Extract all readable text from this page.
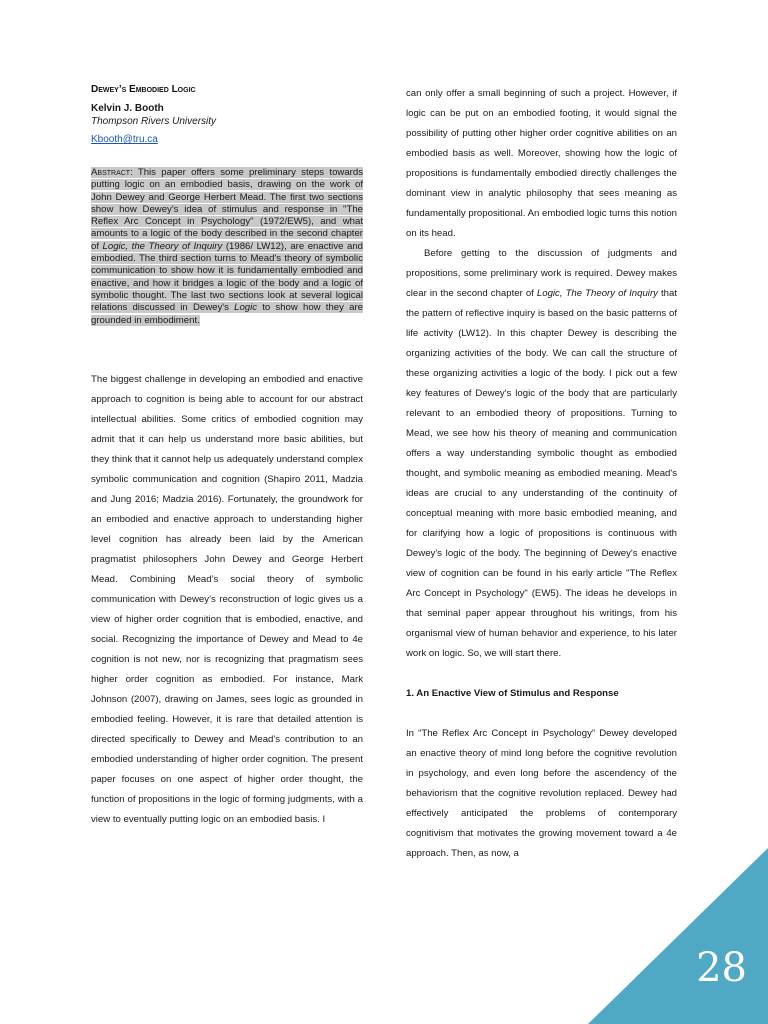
Dewey’s Embodied Logic
Kelvin J. Booth
Thompson Rivers University
Kbooth@tru.ca
Abstract: This paper offers some preliminary steps towards putting logic on an embodied basis, drawing on the work of John Dewey and George Herbert Mead. The first two sections show how Dewey's idea of stimulus and response in "The Reflex Arc Concept in Psychology" (1972/EW5), and what amounts to a logic of the body described in the second chapter of Logic, the Theory of Inquiry (1986/ LW12), are enactive and embodied. The third section turns to Mead's theory of symbolic communication to show how it is fundamentally embodied and enactive, and how it bridges a logic of the body and a logic of symbolic thought. The last two sections look at several logical relations discussed in Dewey's Logic to show how they are grounded in embodiment.

The biggest challenge in developing an embodied and enactive approach to cognition is being able to account for our abstract intellectual abilities. Some critics of embodied cognition may admit that it can help us understand more basic abilities, but they think that it cannot help us adequately understand complex symbolic communication and cognition (Shapiro 2011, Madzia and Jung 2016; Madzia 2016). Fortunately, the groundwork for an embodied and enactive approach to understanding higher level cognition has already been laid by the American pragmatist philosophers John Dewey and George Herbert Mead. Combining Mead’s social theory of symbolic communication with Dewey’s reconstruction of logic gives us a view of higher order cognition that is embodied, enactive, and social. Recognizing the importance of Dewey and Mead to 4e cognition is not new, nor is recognizing that pragmatism sees higher order cognition as embodied. For instance, Mark Johnson (2007), drawing on James, sees logic as grounded in embodied feeling. However, it is rare that detailed attention is directed specifically to Dewey and Mead's contribution to an embodied understanding of higher order cognition. The present paper focuses on one aspect of higher order thought, the function of propositions in the logic of forming judgments, with a view to eventually putting logic on an embodied basis. I

can only offer a small beginning of such a project. However, if logic can be put on an embodied footing, it would signal the possibility of putting other higher order cognitive abilities on an embodied basis as well. Moreover, showing how the logic of propositions is fundamentally embodied directly challenges the dominant view in analytic philosophy that sees meaning as fundamentally propositional. An embodied logic turns this notion on its head.

Before getting to the discussion of judgments and propositions, some preliminary work is required. Dewey makes clear in the second chapter of Logic, The Theory of Inquiry that the pattern of reflective inquiry is based on the basic patterns of life activity (LW12). In this chapter Dewey is describing the organizing activities of the body. We can call the structure of these organizing activities a logic of the body. I pick out a few key features of Dewey's logic of the body that are particularly relevant to an embodied theory of propositions. Turning to Mead, we see how his theory of meaning and communication offers a way understanding symbolic thought as embodied thought, and symbolic meaning as embodied meaning. Mead's ideas are crucial to any understanding of the continuity of conceptual meaning with more basic embodied meaning, and for clarifying how a logic of propositions is continuous with Dewey's logic of the body. The beginning of Dewey's enactive view of cognition can be found in his early article "The Reflex Arc Concept in Psychology" (EW5). The ideas he develops in that seminal paper appear throughout his writings, from his organismal view of human behavior and experience, to his later work on logic. So, we will start there.

1. An Enactive View of Stimulus and Response

In “The Reflex Arc Concept in Psychology” Dewey developed an enactive theory of mind long before the cognitive revolution in psychology, and even long before the ascendency of the behaviorism that the cognitive revolution replaced. Dewey had effectively anticipated the problems of contemporary cognitivism that motivates the growing movement toward a 4e approach. Then, as now, a

28
